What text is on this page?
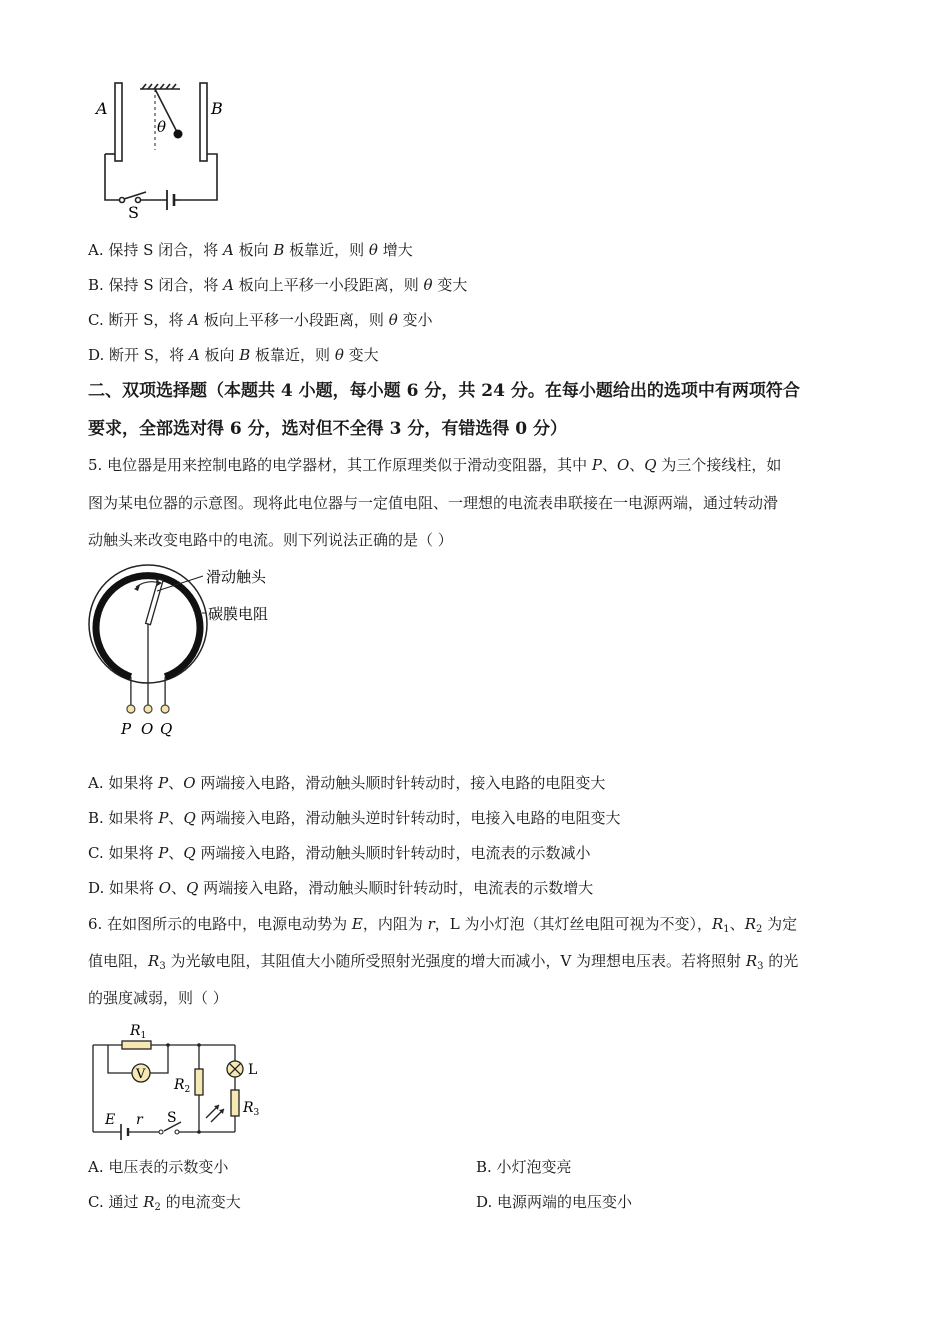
A	B
θ
S
A. 保持 S 闭合，将 A 板向 B 板靠近，则 θ 增大
B. 保持 S 闭合，将 A 板向上平移一小段距离，则 θ 变大
C. 断开 S，将 A 板向上平移一小段距离，则 θ 变小
D. 断开 S，将 A 板向 B 板靠近，则 θ 变大
二、双项选择题（本题共 4 小题，每小题 6 分，共 24 分。在每小题给出的选项中有两项符合
要求，全部选对得 6 分，选对但不全得 3 分，有错选得 0 分）
5. 电位器是用来控制电路的电学器材，其工作原理类似于滑动变阻器，其中 P、O、Q 为三个接线柱，如
图为某电位器的示意图。现将此电位器与一定值电阻、一理想的电流表串联接在一电源两端，通过转动滑
动触头来改变电路中的电流。则下列说法正确的是（ ）
P O Q
滑动触头
碳膜电阻
A. 如果将 P、O 两端接入电路，滑动触头顺时针转动时，接入电路的电阻变大
B. 如果将 P、Q 两端接入电路，滑动触头逆时针转动时，电接入电路的电阻变大
C. 如果将 P、Q 两端接入电路，滑动触头顺时针转动时，电流表的示数减小
D. 如果将 O、Q 两端接入电路，滑动触头顺时针转动时，电流表的示数增大
6. 在如图所示的电路中，电源电动势为 E，内阻为 r，L 为小灯泡（其灯丝电阻可视为不变），$R_1$、$R_2$ 为定
值电阻，$R_3$ 为光敏电阻，其阻值大小随所受照射光强度的增大而减小，V 为理想电压表。若将照射 $R_3$ 的光
的强度减弱，则（ ）
$R_1$
V
$R_2$
L
$R_3$
E r S
A. 电压表的示数变小	B. 小灯泡变亮
C. 通过 $R_2$ 的电流变大	D. 电源两端的电压变小
